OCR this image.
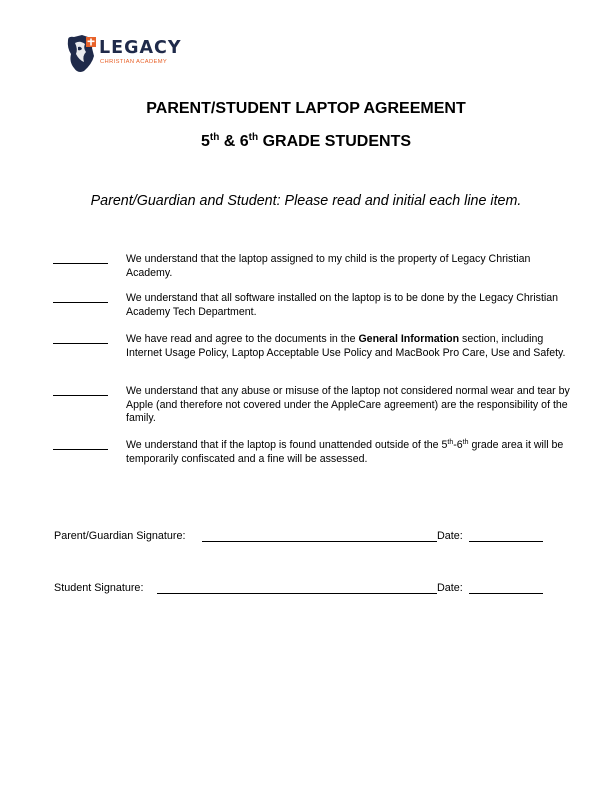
LEGACY
CHRISTIAN ACADEMY
PARENT/STUDENT LAPTOP AGREEMENT
5th & 6th GRADE STUDENTS
Parent/Guardian and Student: Please read and initial each line item.
We understand that the laptop assigned to my child is the property of Legacy Christian Academy.
We understand that all software installed on the laptop is to be done by the Legacy Christian Academy Tech Department.
We have read and agree to the documents in the General Information section, including Internet Usage Policy, Laptop Acceptable Use Policy and MacBook Pro Care, Use and Safety.
We understand that any abuse or misuse of the laptop not considered normal wear and tear by Apple (and therefore not covered under the AppleCare agreement) are the responsibility of the family.
We understand that if the laptop is found unattended outside of the 5th-6th grade area it will be temporarily confiscated and a fine will be assessed.
Parent/Guardian Signature:	Date:
Student Signature:	Date:
